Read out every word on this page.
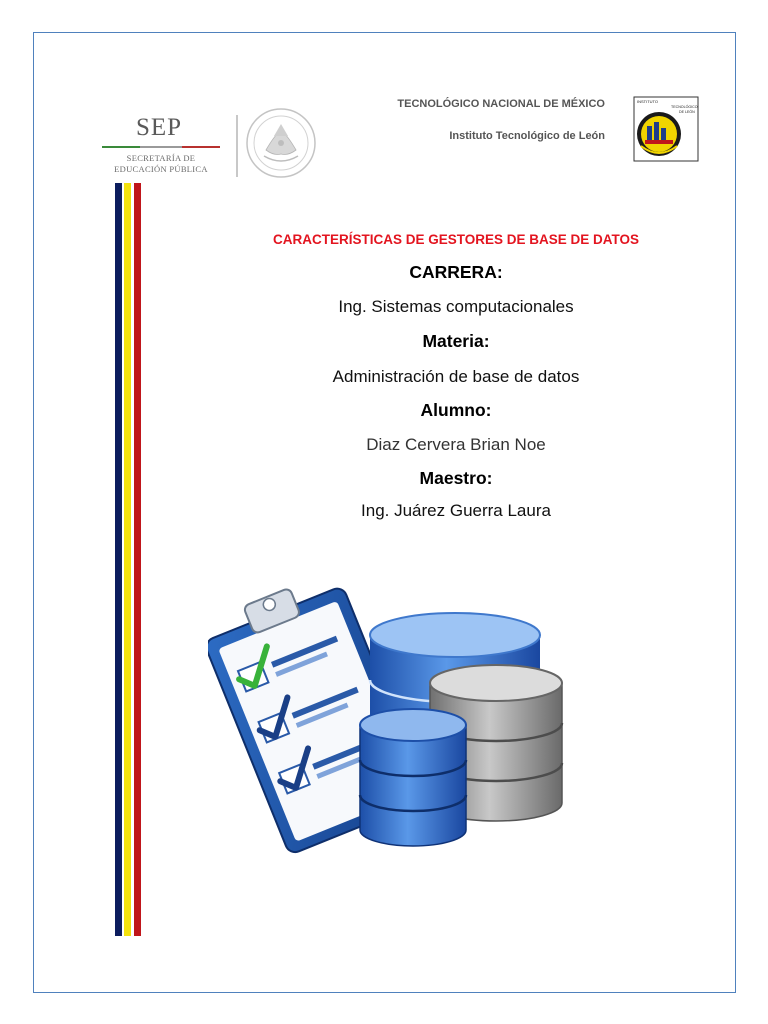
SEP
SECRETARÍA DE
EDUCACIÓN PÚBLICA
TECNOLÓGICO NACIONAL DE MÉXICO
Instituto Tecnológico de León
INSTITUTO
TECNOLÓGICO
DE LEÓN
CARACTERÍSTICAS DE GESTORES DE BASE DE DATOS
CARRERA:
Ing. Sistemas computacionales
Materia:
Administración de base de datos
Alumno:
Diaz Cervera Brian Noe
Maestro:
Ing. Juárez Guerra Laura
